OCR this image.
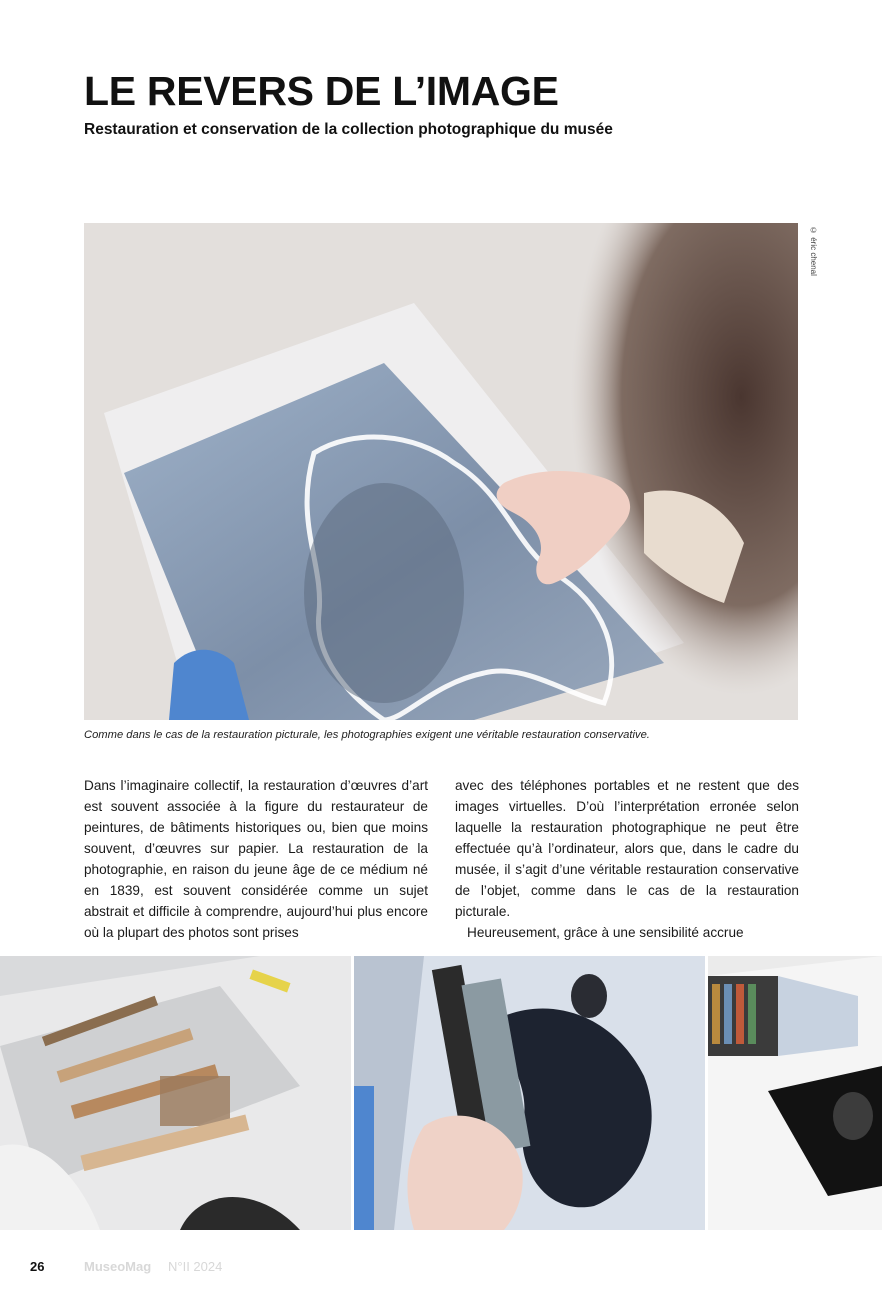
LE REVERS DE L’IMAGE
Restauration et conservation de la collection photographique du musée
© éric chenal

Comme dans le cas de la restauration picturale, les photographies exigent une véritable restauration conservative.

Dans l’imaginaire collectif, la restauration d’œuvres d’art est souvent associée à la figure du restaurateur de peintures, de bâtiments historiques ou, bien que moins souvent, d’œuvres sur papier. La restauration de la photographie, en raison du jeune âge de ce médium né en 1839, est souvent considérée comme un sujet abstrait et difficile à comprendre, aujourd’hui plus encore où la plupart des photos sont prises

avec des téléphones portables et ne restent que des images virtuelles. D’où l’interprétation erronée selon laquelle la restauration photographique ne peut être effectuée qu’à l’ordinateur, alors que, dans le cadre du musée, il s’agit d’une véritable restauration conservative de l’objet, comme dans le cas de la restauration picturale.

Heureusement, grâce à une sensibilité accrue

26	MuseoMag N°II 2024
